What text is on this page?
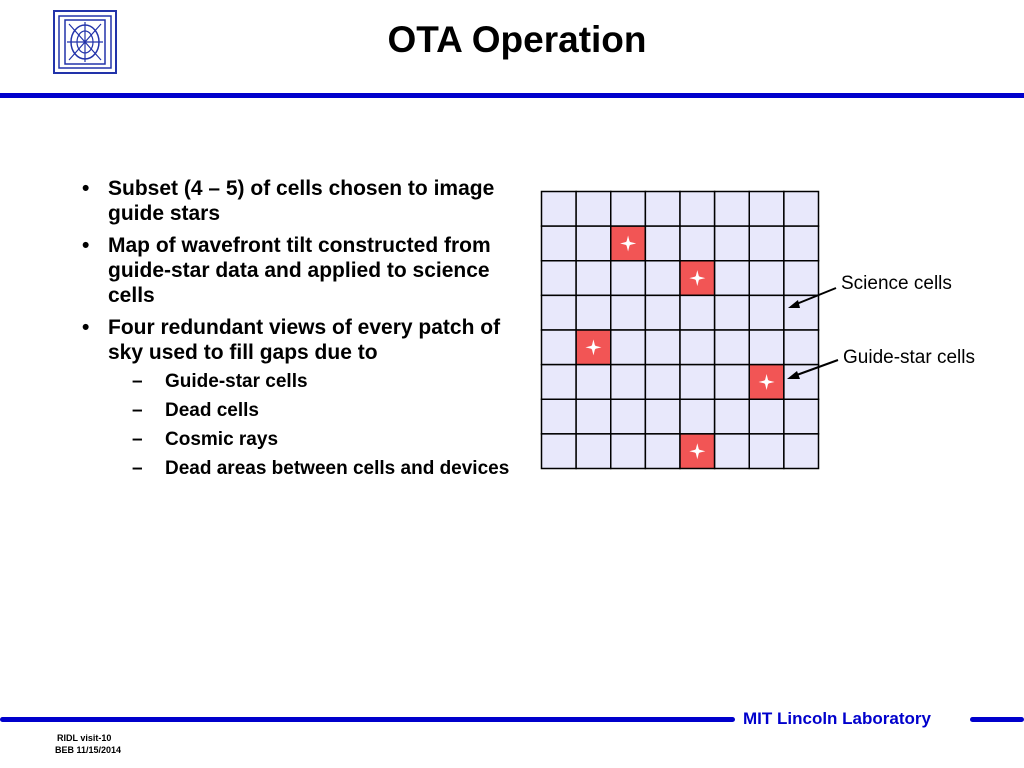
OTA Operation
• Subset (4 – 5) of cells chosen to image guide stars
• Map of wavefront tilt constructed from guide-star data and applied to science cells
• Four redundant views of every patch of sky used to fill gaps due to
– Guide-star cells
– Dead cells
– Cosmic rays
– Dead areas between cells and devices
Science cells
Guide-star cells
MIT Lincoln Laboratory
RIDL visit-10
BEB 11/15/2014
